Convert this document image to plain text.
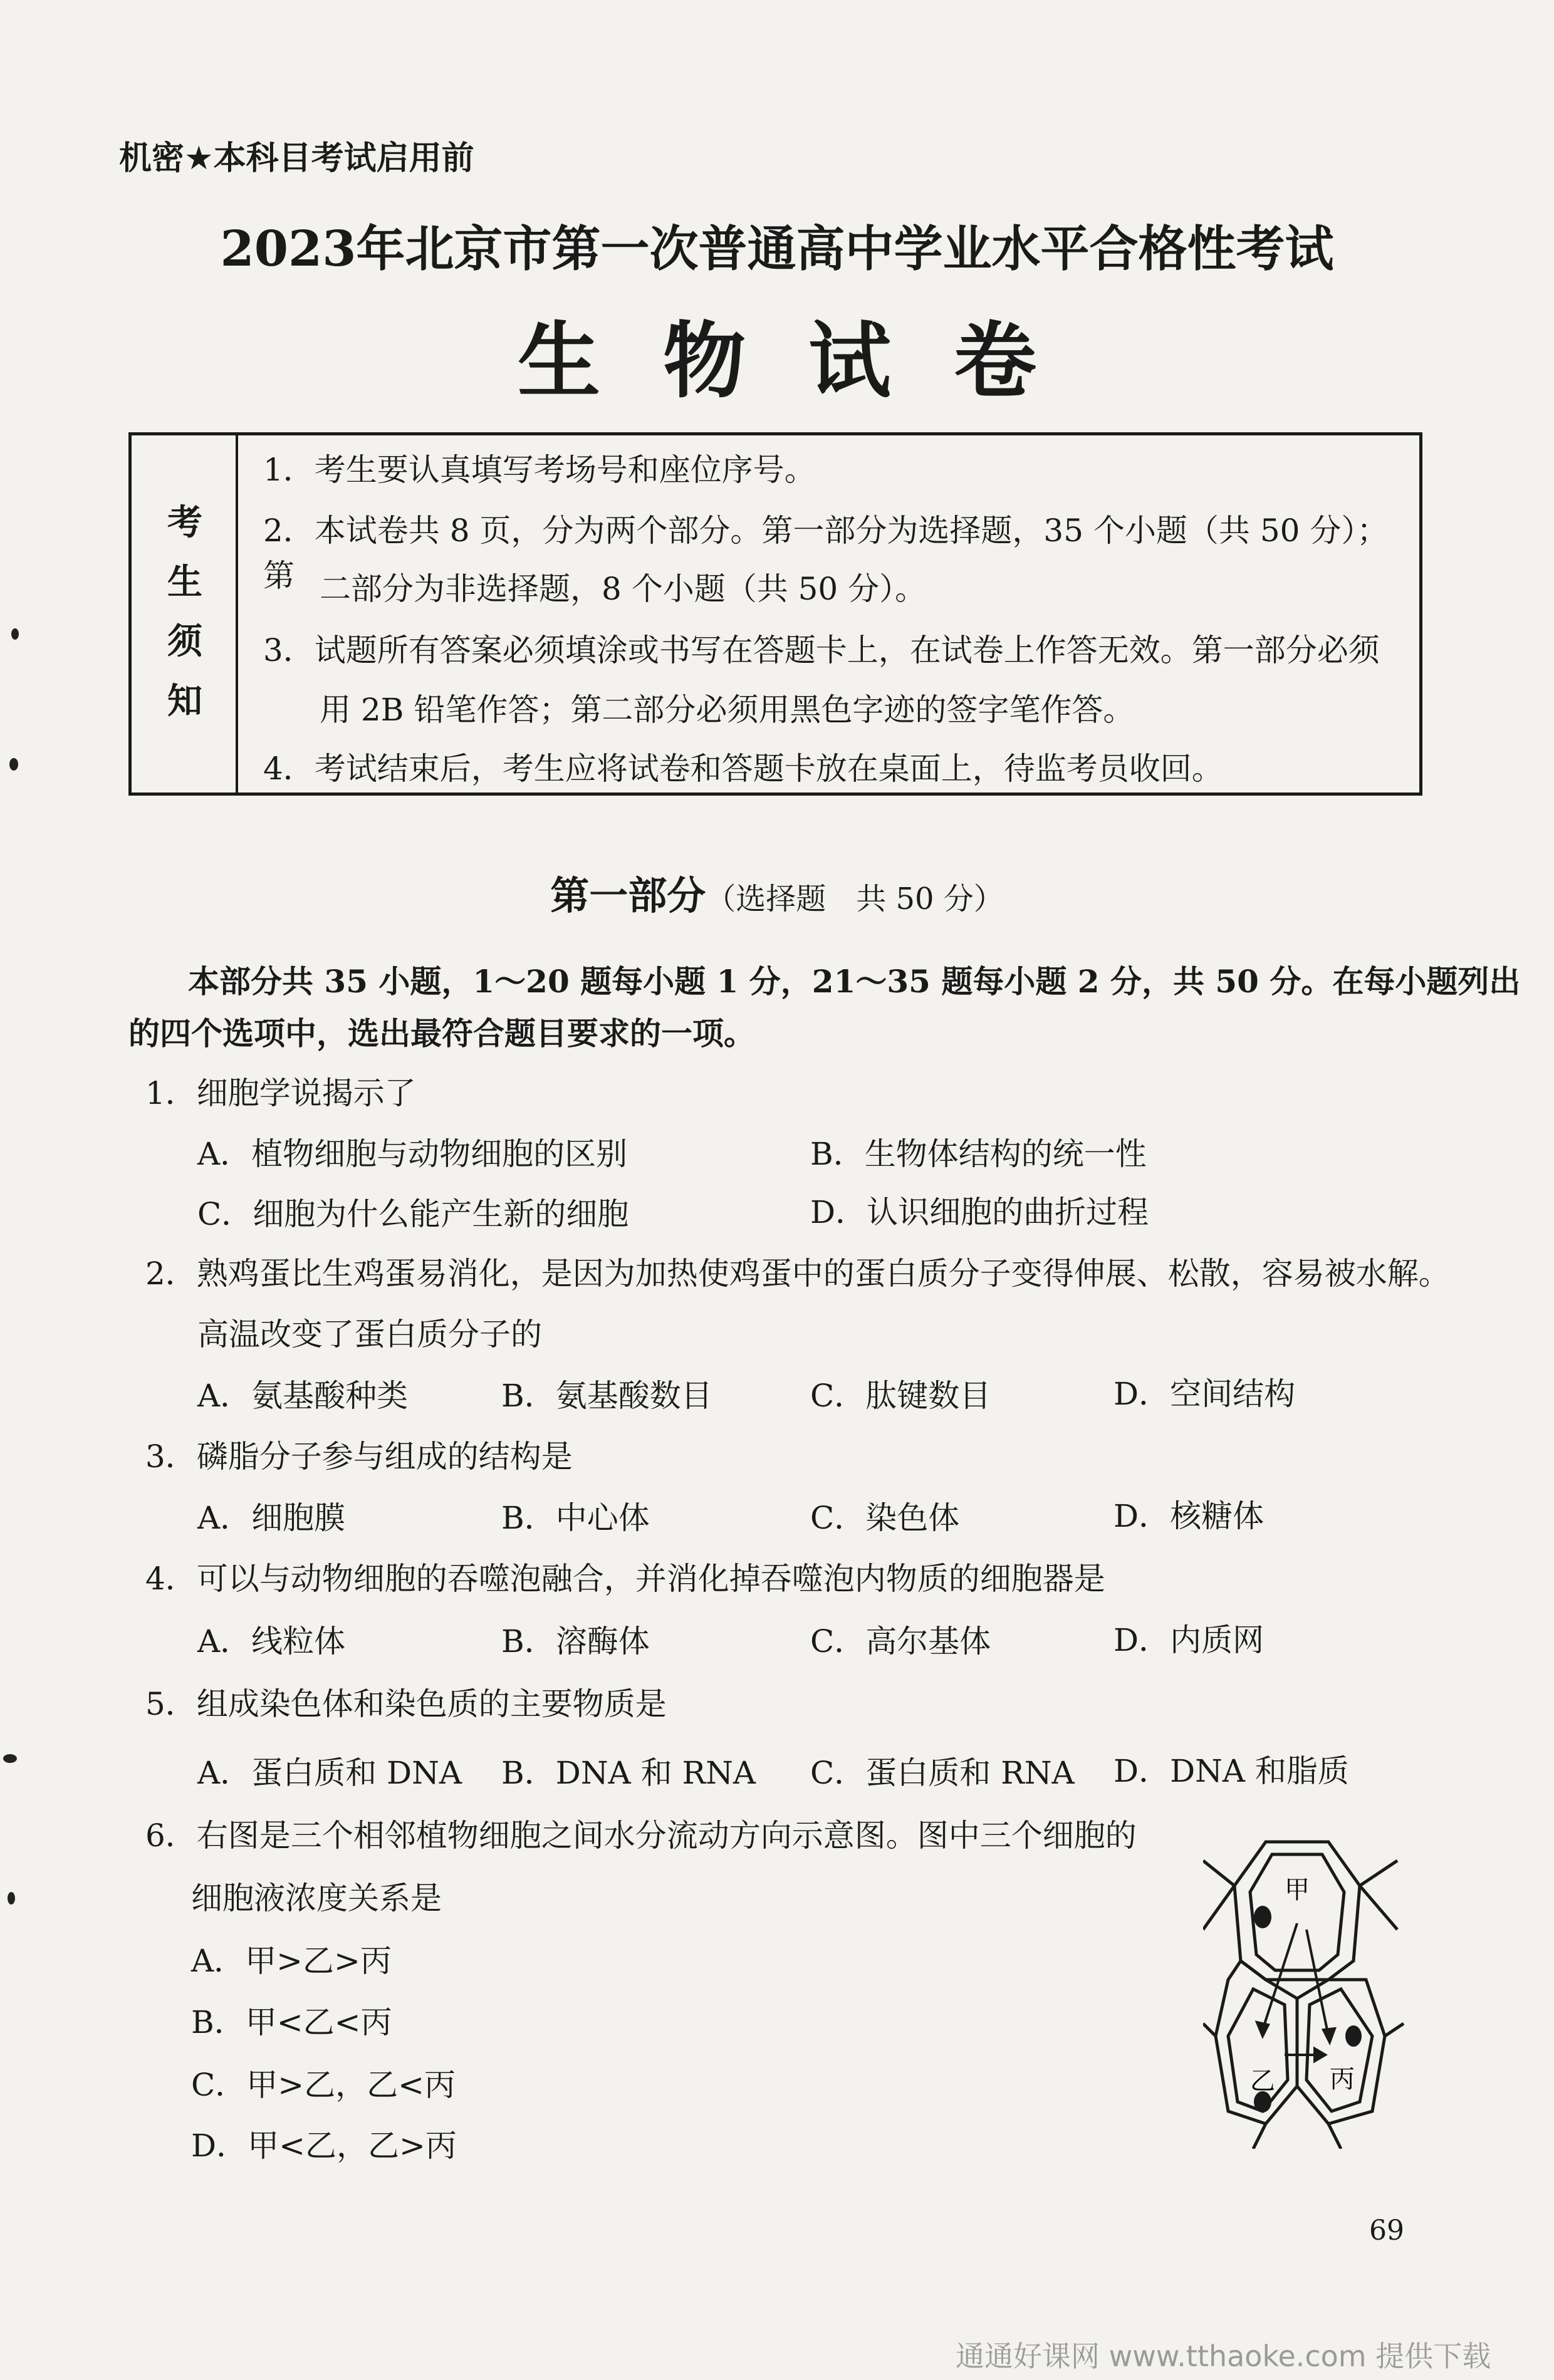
机密★本科目考试启用前
2023年北京市第一次普通高中学业水平合格性考试
生物试卷
考
生
须
知
1．考生要认真填写考场号和座位序号。
2．本试卷共 8 页，分为两个部分。第一部分为选择题，35 个小题（共 50 分）；第 二部分为非选择题，8 个小题（共 50 分）。
3．试题所有答案必须填涂或书写在答题卡上，在试卷上作答无效。第一部分必须
用 2B 铅笔作答；第二部分必须用黑色字迹的签字笔作答。
4．考试结束后，考生应将试卷和答题卡放在桌面上，待监考员收回。
第一部分（选择题　共 50 分）
本部分共 35 小题，1～20 题每小题 1 分，21～35 题每小题 2 分，共 50 分。在每小题列出
的四个选项中，选出最符合题目要求的一项。
1．细胞学说揭示了
A．植物细胞与动物细胞的区别	B．生物体结构的统一性
C．细胞为什么能产生新的细胞	D．认识细胞的曲折过程
2．熟鸡蛋比生鸡蛋易消化，是因为加热使鸡蛋中的蛋白质分子变得伸展、松散，容易被水解。
高温改变了蛋白质分子的
A．氨基酸种类	B．氨基酸数目	C．肽键数目	D．空间结构
3．磷脂分子参与组成的结构是
A．细胞膜	B．中心体	C．染色体	D．核糖体
4．可以与动物细胞的吞噬泡融合，并消化掉吞噬泡内物质的细胞器是
A．线粒体	B．溶酶体	C．高尔基体	D．内质网
5．组成染色体和染色质的主要物质是
A．蛋白质和 DNA B．DNA 和 RNA C．蛋白质和 RNA D．DNA 和脂质
6．右图是三个相邻植物细胞之间水分流动方向示意图。图中三个细胞的
细胞液浓度关系是
A．甲>乙>丙
B．甲<乙<丙
C．甲>乙，乙<丙
D．甲<乙，乙>丙
甲
乙 丙
69
通通好课网 www.tthaoke.com 提供下载
